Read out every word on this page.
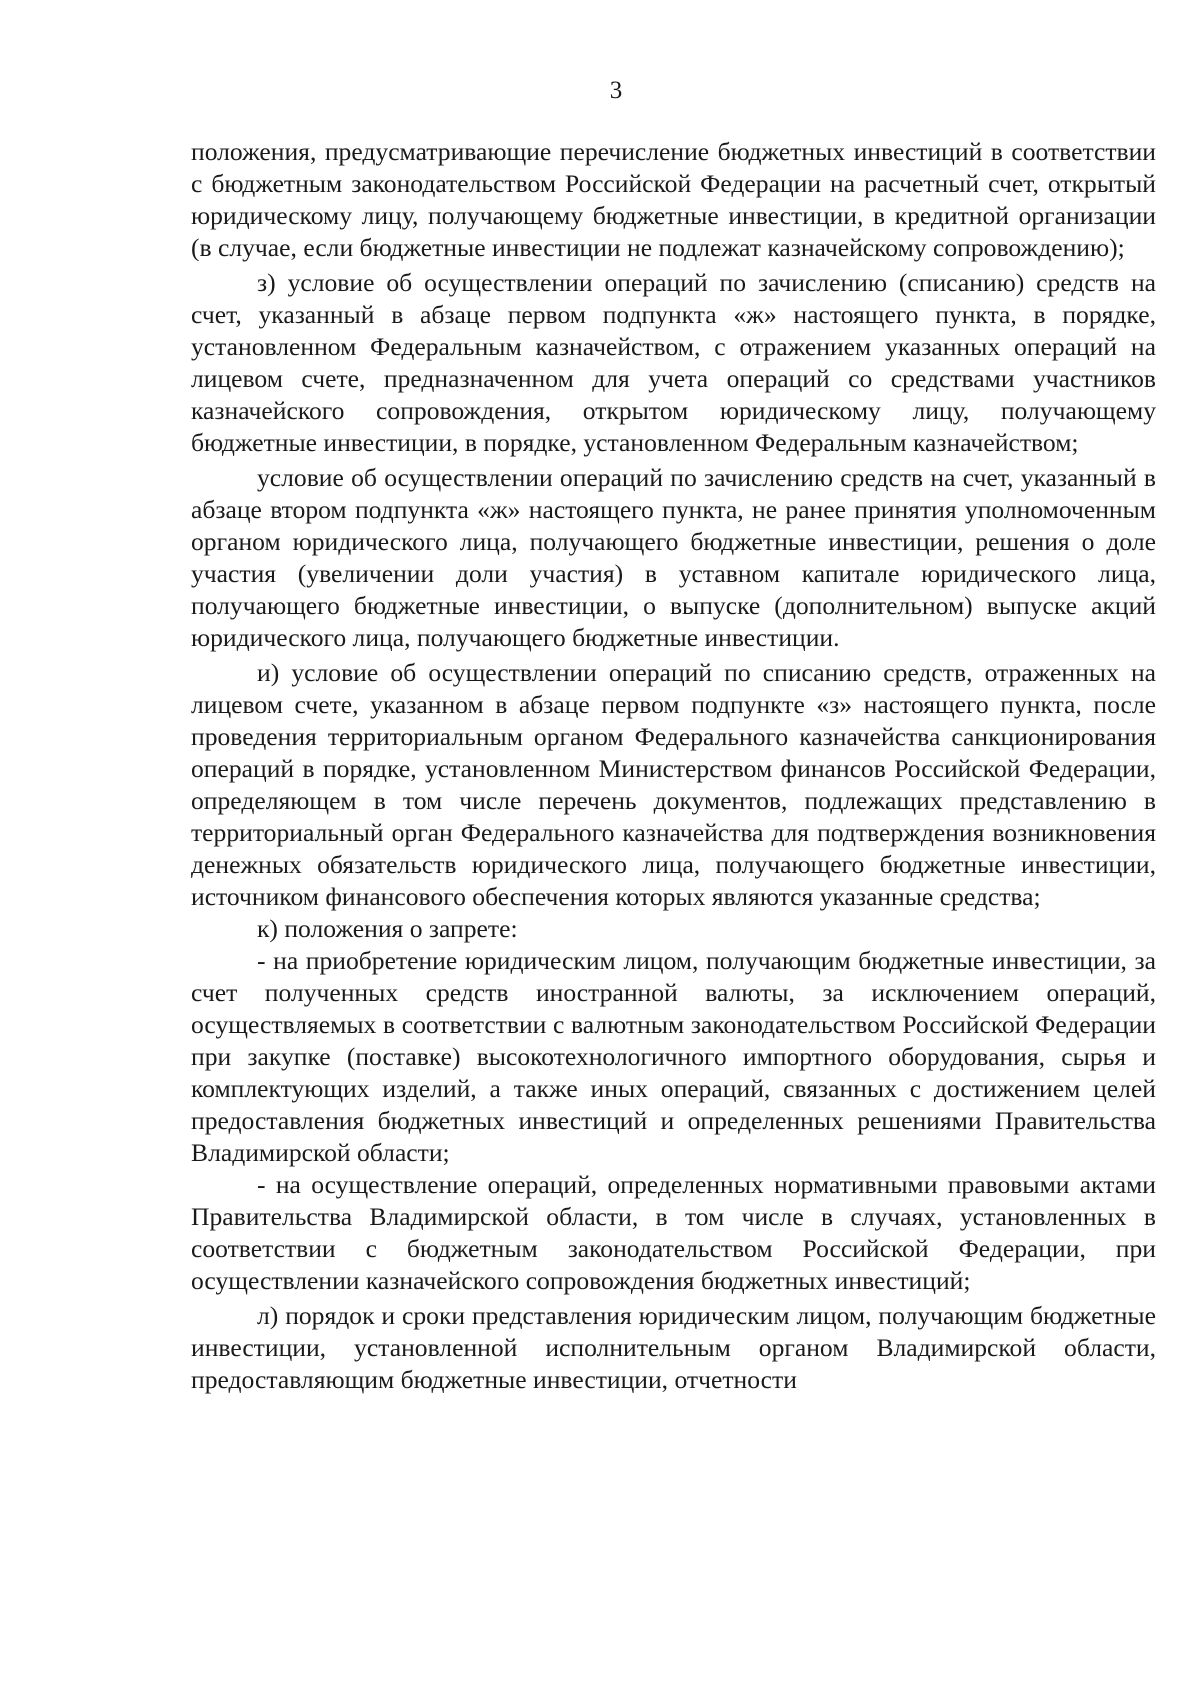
3

положения, предусматривающие перечисление бюджетных инвестиций в соответствии с бюджетным законодательством Российской Федерации на расчетный счет, открытый юридическому лицу, получающему бюджетные инвестиции, в кредитной организации (в случае, если бюджетные инвестиции не подлежат казначейскому сопровождению);

з) условие об осуществлении операций по зачислению (списанию) средств на счет, указанный в абзаце первом подпункта «ж» настоящего пункта, в порядке, установленном Федеральным казначейством, с отражением указанных операций на лицевом счете, предназначенном для учета операций со средствами участников казначейского сопровождения, открытом юридическому лицу, получающему бюджетные инвестиции, в порядке, установленном Федеральным казначейством;

условие об осуществлении операций по зачислению средств на счет, указанный в абзаце втором подпункта «ж» настоящего пункта, не ранее принятия уполномоченным органом юридического лица, получающего бюджетные инвестиции, решения о доле участия (увеличении доли участия) в уставном капитале юридического лица, получающего бюджетные инвестиции, о выпуске (дополнительном) выпуске акций юридического лица, получающего бюджетные инвестиции.

и) условие об осуществлении операций по списанию средств, отраженных на лицевом счете, указанном в абзаце первом подпункте «з» настоящего пункта, после проведения территориальным органом Федерального казначейства санкционирования операций в порядке, установленном Министерством финансов Российской Федерации, определяющем в том числе перечень документов, подлежащих представлению в территориальный орган Федерального казначейства для подтверждения возникновения денежных обязательств юридического лица, получающего бюджетные инвестиции, источником финансового обеспечения которых являются указанные средства;

к) положения о запрете:

- на приобретение юридическим лицом, получающим бюджетные инвестиции, за счет полученных средств иностранной валюты, за исключением операций, осуществляемых в соответствии с валютным законодательством Российской Федерации при закупке (поставке) высокотехнологичного импортного оборудования, сырья и комплектующих изделий, а также иных операций, связанных с достижением целей предоставления бюджетных инвестиций и определенных решениями Правительства Владимирской области;

- на осуществление операций, определенных нормативными правовыми актами Правительства Владимирской области, в том числе в случаях, установленных в соответствии с бюджетным законодательством Российской Федерации, при осуществлении казначейского сопровождения бюджетных инвестиций;

л) порядок и сроки представления юридическим лицом, получающим бюджетные инвестиции, установленной исполнительным органом Владимирской области, предоставляющим бюджетные инвестиции, отчетности
